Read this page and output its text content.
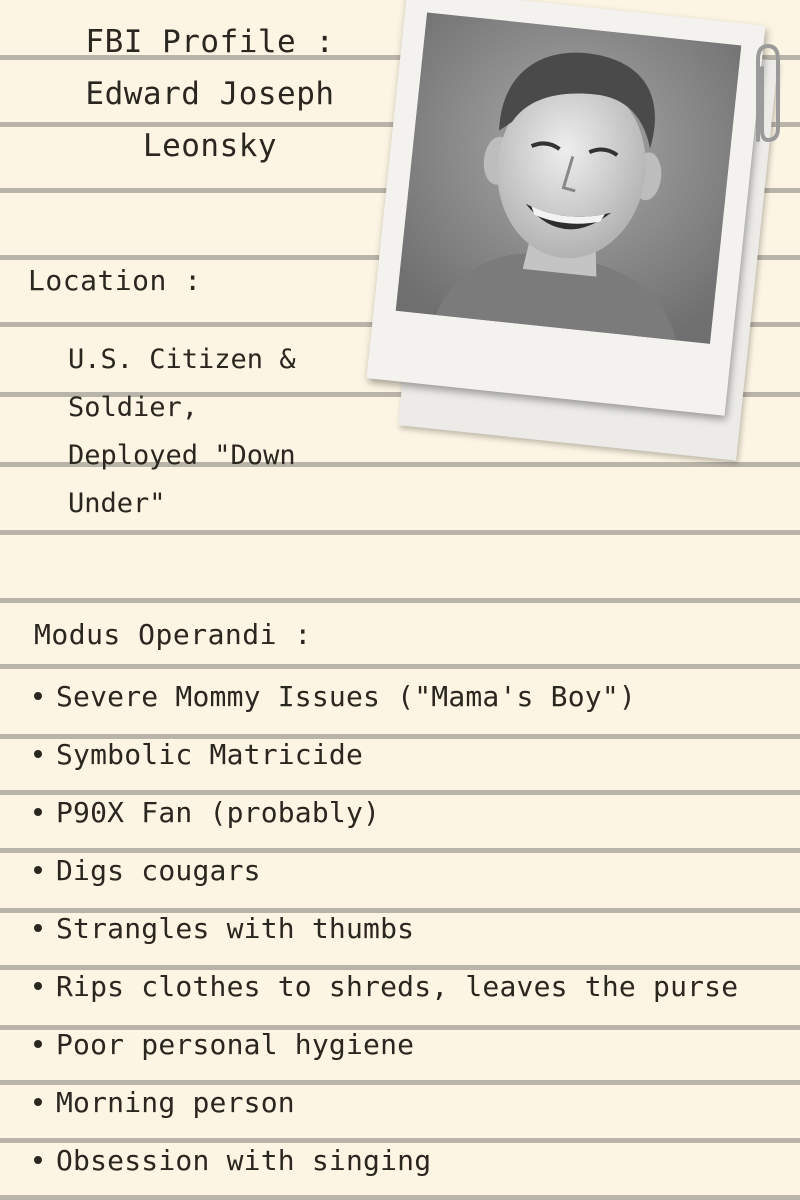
FBI Profile :
Edward Joseph
Leonsky
Location :
U.S. Citizen &
Soldier,
Deployed "Down
Under"
Modus Operandi :
Severe Mommy Issues ("Mama's Boy")
Symbolic Matricide
P90X Fan (probably)
Digs cougars
Strangles with thumbs
Rips clothes to shreds, leaves the purse
Poor personal hygiene
Morning person
Obsession with singing
